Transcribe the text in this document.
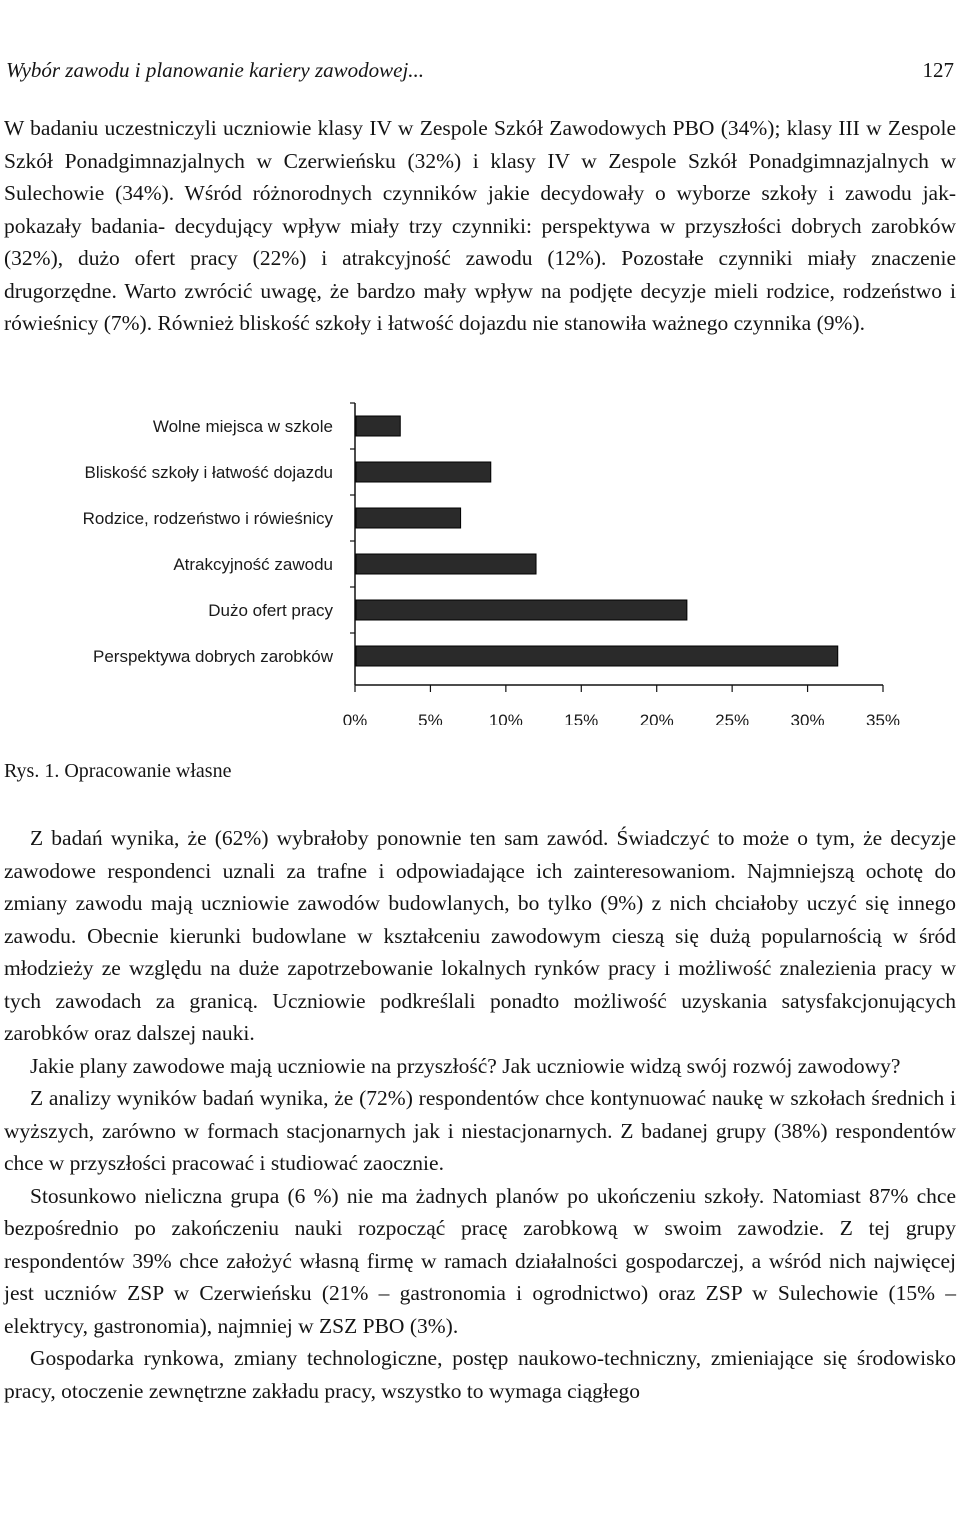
Wybór zawodu i planowanie kariery zawodowej...	127

W badaniu uczestniczyli uczniowie klasy IV w Zespole Szkół Zawodowych PBO (34%); klasy III w Zespole Szkół Ponadgimnazjalnych w Czerwieńsku (32%) i klasy IV w Zespole Szkół Ponadgimnazjalnych w Sulechowie (34%). Wśród różnorodnych czynników jakie decydowały o wyborze szkoły i zawodu jak- pokazały badania- decydujący wpływ miały trzy czynniki: perspektywa w przyszłości dobrych zarobków (32%), dużo ofert pracy (22%) i atrakcyjność zawodu (12%). Pozostałe czynniki miały znaczenie drugorzędne. Warto zwrócić uwagę, że bardzo mały wpływ na podjęte decyzje mieli rodzice, rodzeństwo i rówieśnicy (7%). Również bliskość szkoły i łatwość dojazdu nie stanowiła ważnego czynnika (9%).

Wolne miejsca w szkole
Bliskość szkoły i łatwość dojazdu
Rodzice, rodzeństwo i rówieśnicy
Atrakcyjność zawodu
Dużo ofert pracy
Perspektywa dobrych zarobków
0%	5%	10% 15% 20% 25% 30% 35%
Rys. 1. Opracowanie własne

Z badań wynika, że (62%) wybrałoby ponownie ten sam zawód. Świadczyć to może o tym, że decyzje zawodowe respondenci uznali za trafne i odpowiadające ich zainteresowaniom. Najmniejszą ochotę do zmiany zawodu mają uczniowie zawodów budowlanych, bo tylko (9%) z nich chciałoby uczyć się innego zawodu. Obecnie kierunki budowlane w kształceniu zawodowym cieszą się dużą popularnością w śród młodzieży ze względu na duże zapotrzebowanie lokalnych rynków pracy i możliwość znalezienia pracy w tych zawodach za granicą. Uczniowie podkreślali ponadto możliwość uzyskania satysfakcjonujących zarobków oraz dalszej nauki.

Jakie plany zawodowe mają uczniowie na przyszłość? Jak uczniowie widzą swój rozwój zawodowy?

Z analizy wyników badań wynika, że (72%) respondentów chce kontynuować naukę w szkołach średnich i wyższych, zarówno w formach stacjonarnych jak i niestacjonarnych. Z badanej grupy (38%) respondentów chce w przyszłości pracować i studiować zaocznie.

Stosunkowo nieliczna grupa (6 %) nie ma żadnych planów po ukończeniu szkoły. Natomiast 87% chce bezpośrednio po zakończeniu nauki rozpocząć pracę zarobkową w swoim zawodzie. Z tej grupy respondentów 39% chce założyć własną firmę w ramach działalności gospodarczej, a wśród nich najwięcej jest uczniów ZSP w Czerwieńsku (21% – gastronomia i ogrodnictwo) oraz ZSP w Sulechowie (15% – elektrycy, gastronomia), najmniej w ZSZ PBO (3%).

Gospodarka rynkowa, zmiany technologiczne, postęp naukowo-techniczny, zmieniające się środowisko pracy, otoczenie zewnętrzne zakładu pracy, wszystko to wymaga ciągłego
